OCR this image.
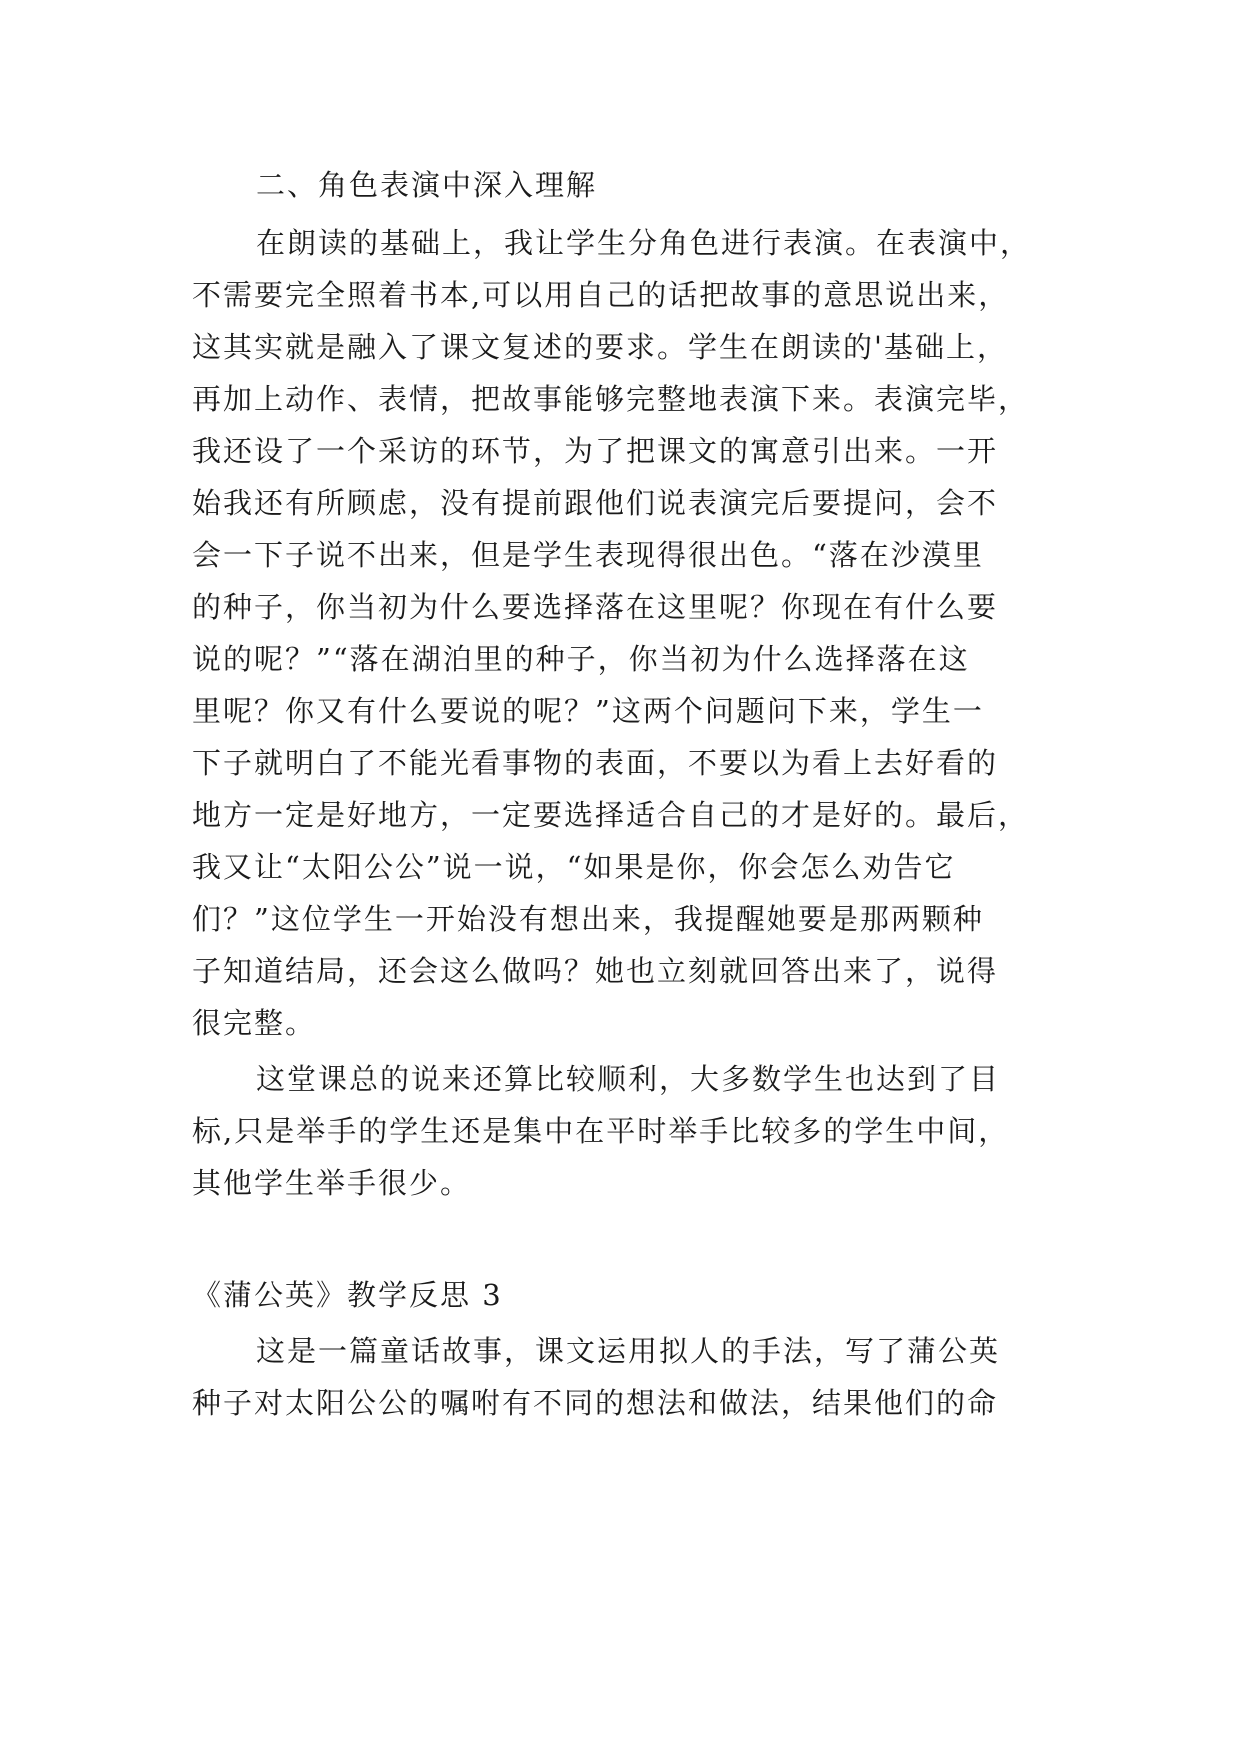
二、角色表演中深入理解
在朗读的基础上，我让学生分角色进行表演。在表演中，
不需要完全照着书本,可以用自己的话把故事的意思说出来，
这其实就是融入了课文复述的要求。学生在朗读的'基础上，
再加上动作、表情，把故事能够完整地表演下来。表演完毕，
我还设了一个采访的环节，为了把课文的寓意引出来。一开
始我还有所顾虑，没有提前跟他们说表演完后要提问，会不
会一下子说不出来，但是学生表现得很出色。“落在沙漠里
的种子，你当初为什么要选择落在这里呢？你现在有什么要
说的呢？”“落在湖泊里的种子，你当初为什么选择落在这
里呢？你又有什么要说的呢？”这两个问题问下来，学生一
下子就明白了不能光看事物的表面，不要以为看上去好看的
地方一定是好地方，一定要选择适合自己的才是好的。最后，
我又让“太阳公公”说一说，“如果是你，你会怎么劝告它
们？”这位学生一开始没有想出来，我提醒她要是那两颗种
子知道结局，还会这么做吗？她也立刻就回答出来了，说得
很完整。
这堂课总的说来还算比较顺利，大多数学生也达到了目
标,只是举手的学生还是集中在平时举手比较多的学生中间，
其他学生举手很少。
《蒲公英》教学反思 3
这是一篇童话故事，课文运用拟人的手法，写了蒲公英
种子对太阳公公的嘱咐有不同的想法和做法，结果他们的命
